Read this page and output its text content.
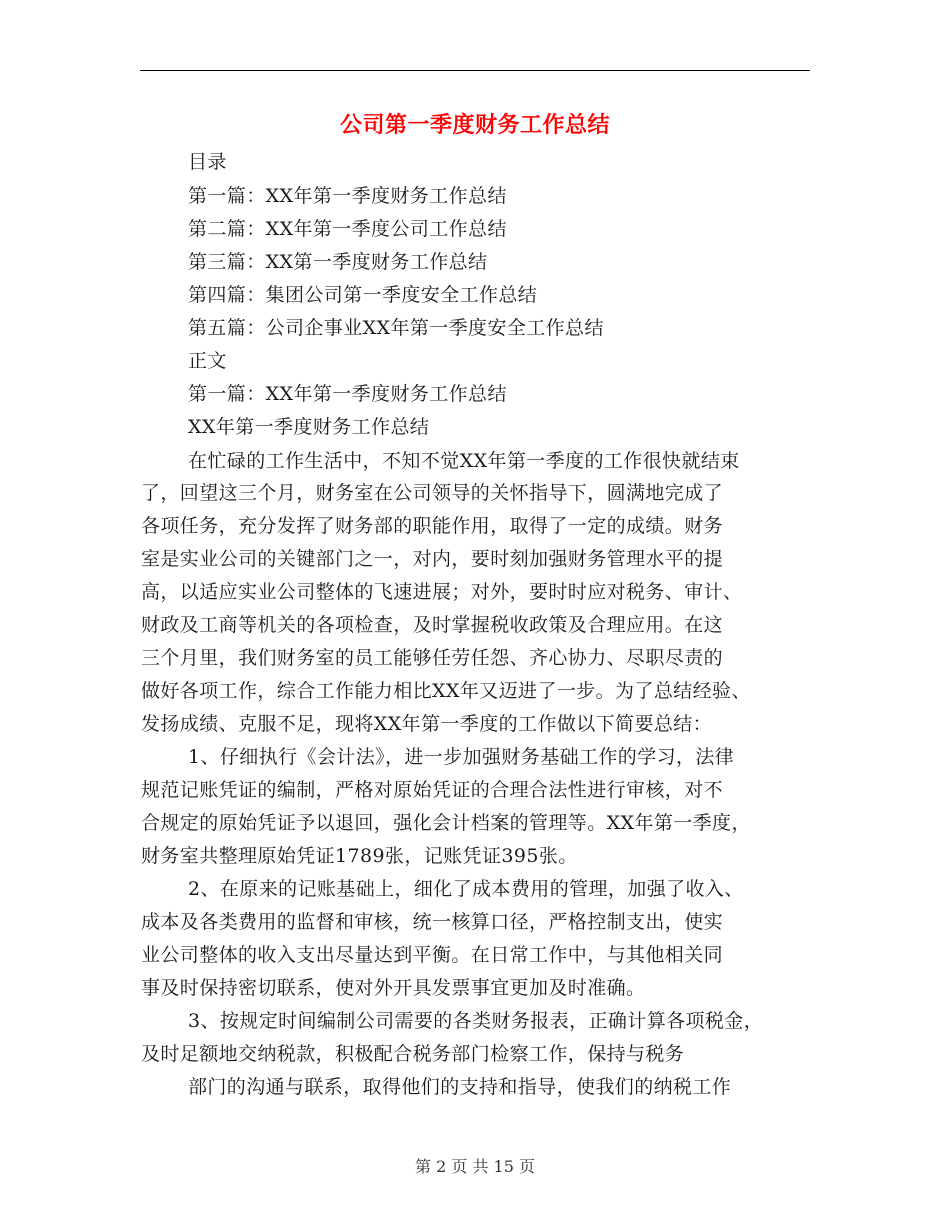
公司第一季度财务工作总结
目录
第一篇：XX年第一季度财务工作总结
第二篇：XX年第一季度公司工作总结
第三篇：XX第一季度财务工作总结
第四篇：集团公司第一季度安全工作总结
第五篇：公司企事业XX年第一季度安全工作总结
正文
第一篇：XX年第一季度财务工作总结
XX年第一季度财务工作总结
在忙碌的工作生活中，不知不觉XX年第一季度的工作很快就结束
了，回望这三个月，财务室在公司领导的关怀指导下，圆满地完成了
各项任务，充分发挥了财务部的职能作用，取得了一定的成绩。财务
室是实业公司的关键部门之一，对内，要时刻加强财务管理水平的提
高，以适应实业公司整体的飞速进展；对外，要时时应对税务、审计、
财政及工商等机关的各项检查，及时掌握税收政策及合理应用。在这
三个月里，我们财务室的员工能够任劳任怨、齐心协力、尽职尽责的
做好各项工作，综合工作能力相比XX年又迈进了一步。为了总结经验、
发扬成绩、克服不足，现将XX年第一季度的工作做以下简要总结：
1、仔细执行《会计法》，进一步加强财务基础工作的学习，法律
规范记账凭证的编制，严格对原始凭证的合理合法性进行审核，对不
合规定的原始凭证予以退回，强化会计档案的管理等。XX年第一季度，
财务室共整理原始凭证1789张，记账凭证395张。
2、在原来的记账基础上，细化了成本费用的管理，加强了收入、
成本及各类费用的监督和审核，统一核算口径，严格控制支出，使实
业公司整体的收入支出尽量达到平衡。在日常工作中，与其他相关同
事及时保持密切联系，使对外开具发票事宜更加及时准确。
3、按规定时间编制公司需要的各类财务报表，正确计算各项税金，
及时足额地交纳税款，积极配合税务部门检察工作，保持与税务
部门的沟通与联系，取得他们的支持和指导，使我们的纳税工作
第 2 页 共 15 页
